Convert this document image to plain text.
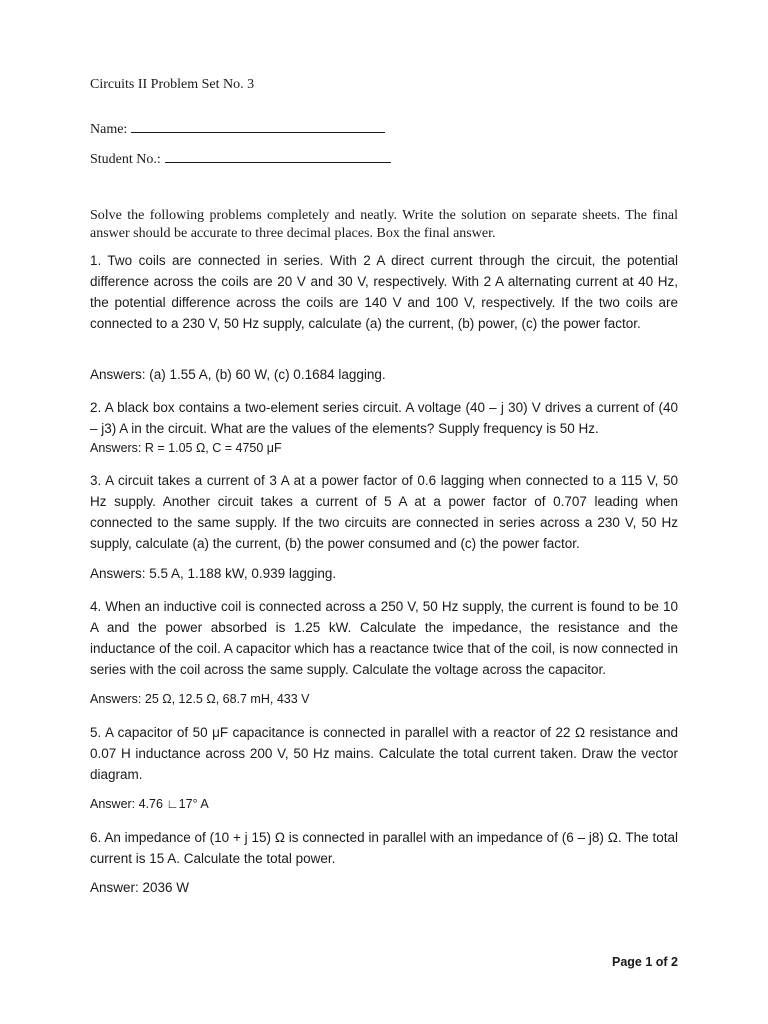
Circuits II Problem Set No. 3
Name:
Student No.:
Solve the following problems completely and neatly. Write the solution on separate sheets. The final answer should be accurate to three decimal places. Box the final answer.
1. Two coils are connected in series. With 2 A direct current through the circuit, the potential difference across the coils are 20 V and 30 V, respectively. With 2 A alternating current at 40 Hz, the potential difference across the coils are 140 V and 100 V, respectively. If the two coils are connected to a 230 V, 50 Hz supply, calculate (a) the current, (b) power, (c) the power factor.
Answers: (a) 1.55 A, (b) 60 W, (c) 0.1684 lagging.
2. A black box contains a two-element series circuit. A voltage (40 – j 30) V drives a current of (40 – j3) A in the circuit. What are the values of the elements? Supply frequency is 50 Hz.
Answers: R = 1.05 Ω, C = 4750 μF
3. A circuit takes a current of 3 A at a power factor of 0.6 lagging when connected to a 115 V, 50 Hz supply. Another circuit takes a current of 5 A at a power factor of 0.707 leading when connected to the same supply. If the two circuits are connected in series across a 230 V, 50 Hz supply, calculate (a) the current, (b) the power consumed and (c) the power factor.
Answers: 5.5 A, 1.188 kW, 0.939 lagging.
4. When an inductive coil is connected across a 250 V, 50 Hz supply, the current is found to be 10 A and the power absorbed is 1.25 kW. Calculate the impedance, the resistance and the inductance of the coil. A capacitor which has a reactance twice that of the coil, is now connected in series with the coil across the same supply. Calculate the voltage across the capacitor.
Answers: 25 Ω, 12.5 Ω, 68.7 mH, 433 V
5. A capacitor of 50 μF capacitance is connected in parallel with a reactor of 22 Ω resistance and 0.07 H inductance across 200 V, 50 Hz mains. Calculate the total current taken. Draw the vector diagram.
Answer: 4.76 ∟17° A
6. An impedance of (10 + j 15) Ω is connected in parallel with an impedance of (6 – j8) Ω. The total current is 15 A. Calculate the total power.
Answer: 2036 W
Page 1 of 2
